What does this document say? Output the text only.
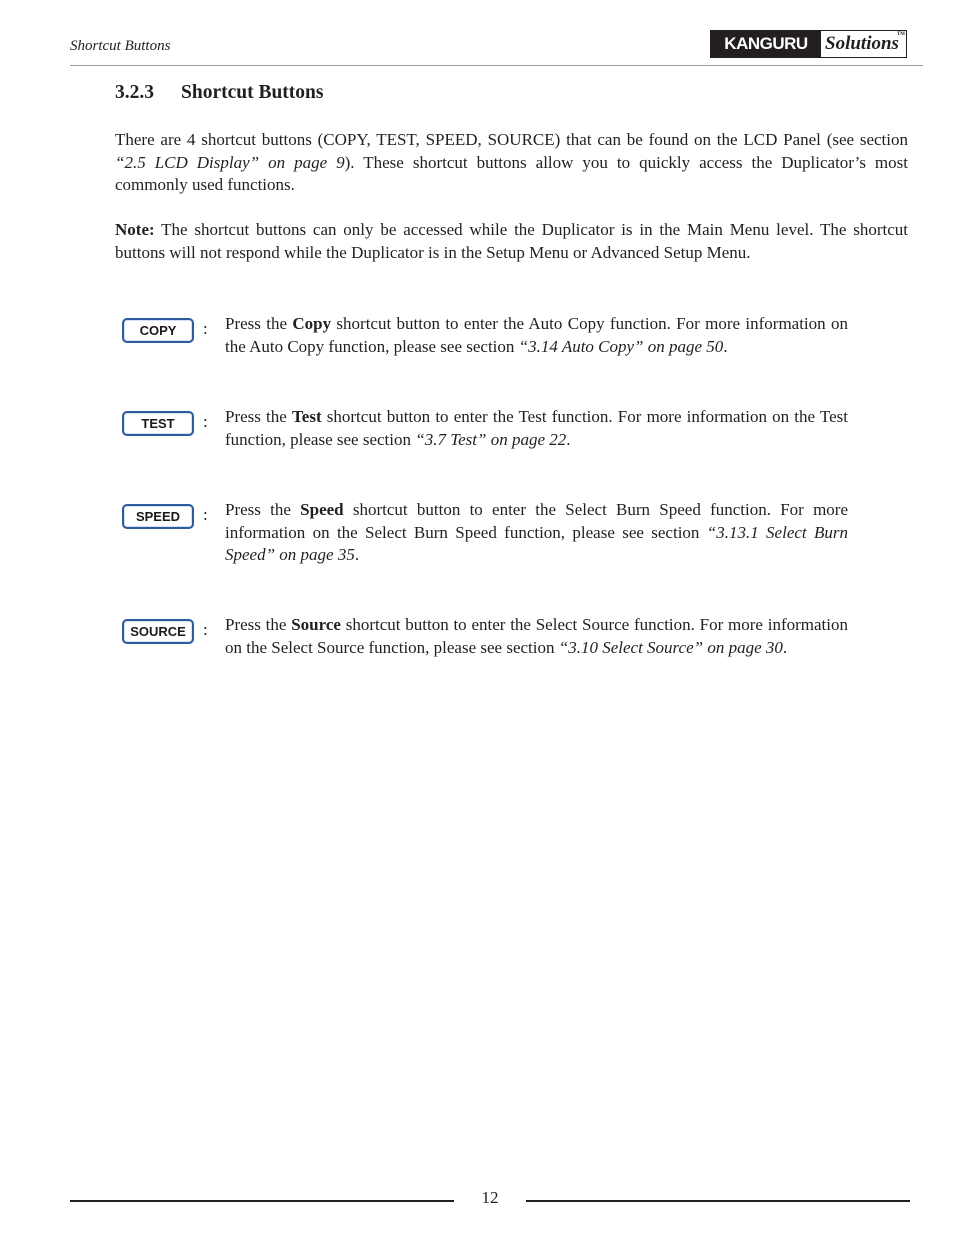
Shortcut Buttons	KANGURU Solutions
TM
3.2.3 Shortcut Buttons

There are 4 shortcut buttons (COPY, TEST, SPEED, SOURCE) that can be found on the LCD Panel (see section “2.5 LCD Display” on page 9). These shortcut buttons allow you to quickly access the Duplicator’s most commonly used functions.

Note: The shortcut buttons can only be accessed while the Duplicator is in the Main Menu level. The shortcut buttons will not respond while the Duplicator is in the Setup Menu or Advanced Setup Menu.

COPY	: Press the Copy shortcut button to enter the Auto Copy function. For more information on the Auto Copy function, please see section “3.14 Auto Copy” on page 50.

TEST	: Press the Test shortcut button to enter the Test function. For more information on the Test function, please see section “3.7 Test” on page 22.

SPEED	: Press the Speed shortcut button to enter the Select Burn Speed function. For more information on the Select Burn Speed function, please see section “3.13.1 Select Burn Speed” on page 35.

SOURCE	: Press the Source shortcut button to enter the Select Source function. For more information on the Select Source function, please see section “3.10 Select Source” on page 30.

12
